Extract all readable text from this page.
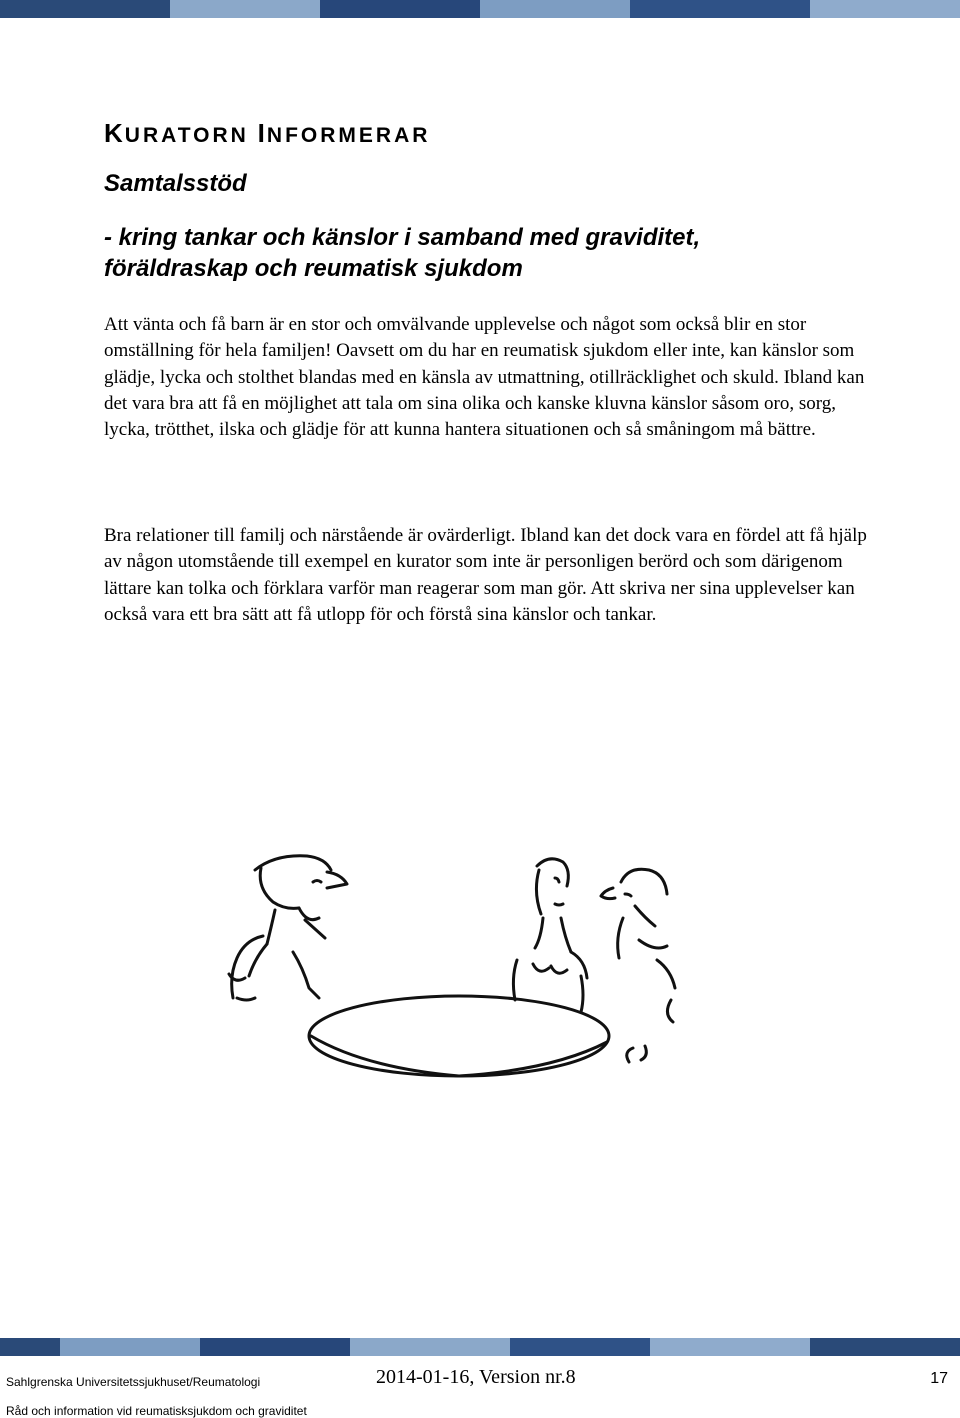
KURATORN INFORMERAR
Samtalsstöd
- kring tankar och känslor i samband med graviditet,
föräldraskap och reumatisk sjukdom

Att vänta och få barn är en stor och omvälvande upplevelse och något som också blir en stor omställning för hela familjen! Oavsett om du har en reumatisk sjukdom eller inte, kan känslor som glädje, lycka och stolthet blandas med en känsla av utmattning, otillräcklighet och skuld. Ibland kan det vara bra att få en möjlighet att tala om sina olika och kanske kluvna känslor såsom oro, sorg, lycka, trötthet, ilska och glädje för att kunna hantera situationen och så småningom må bättre.

Bra relationer till familj och närstående är ovärderligt. Ibland kan det dock vara en fördel att få hjälp av någon utomstående till exempel en kurator som inte är personligen berörd och som därigenom lättare kan tolka och förklara varför man reagerar som man gör. Att skriva ner sina upplevelser kan också vara ett bra sätt att få utlopp för och förstå sina känslor och tankar.

Sahlgrenska Universitetssjukhuset/Reumatologi	2014-01-16, Version nr.8	17
Råd och information vid reumatisksjukdom och graviditet
